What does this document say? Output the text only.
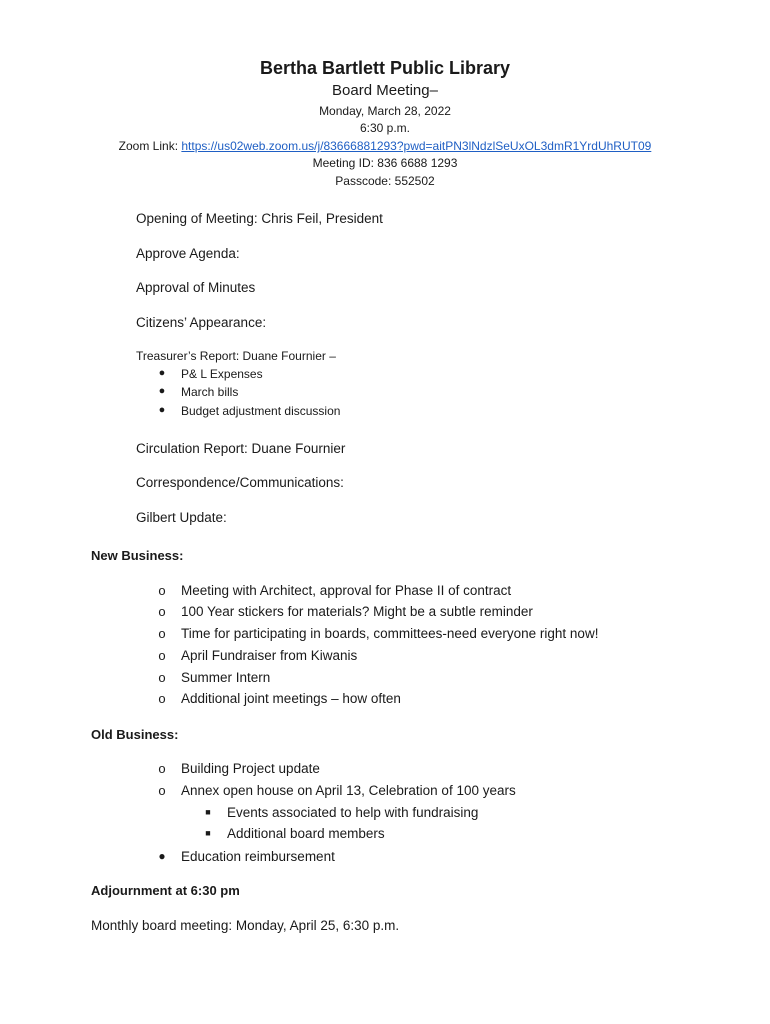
Bertha Bartlett Public Library
Board Meeting–
Monday, March 28, 2022
6:30 p.m.
Zoom Link: https://us02web.zoom.us/j/83666881293?pwd=aitPN3lNdzlSeUxOL3dmR1YrdUhRUT09
Meeting ID: 836 6688 1293
Passcode: 552502
Opening of Meeting: Chris Feil, President
Approve Agenda:
Approval of Minutes
Citizens’ Appearance:
Treasurer’s Report: Duane Fournier –
●	P& L Expenses
●	March bills
●	Budget adjustment discussion
Circulation Report: Duane Fournier
Correspondence/Communications:
Gilbert Update:
New Business:
o	Meeting with Architect, approval for Phase II of contract
o	100 Year stickers for materials? Might be a subtle reminder
o	Time for participating in boards, committees-need everyone right now!
o	April Fundraiser from Kiwanis
o	Summer Intern
o	Additional joint meetings – how often
Old Business:
o	Building Project update
o	Annex open house on April 13, Celebration of 100 years
■	Events associated to help with fundraising
■	Additional board members
●	Education reimbursement
Adjournment at 6:30 pm
Monthly board meeting: Monday, April 25, 6:30 p.m.
